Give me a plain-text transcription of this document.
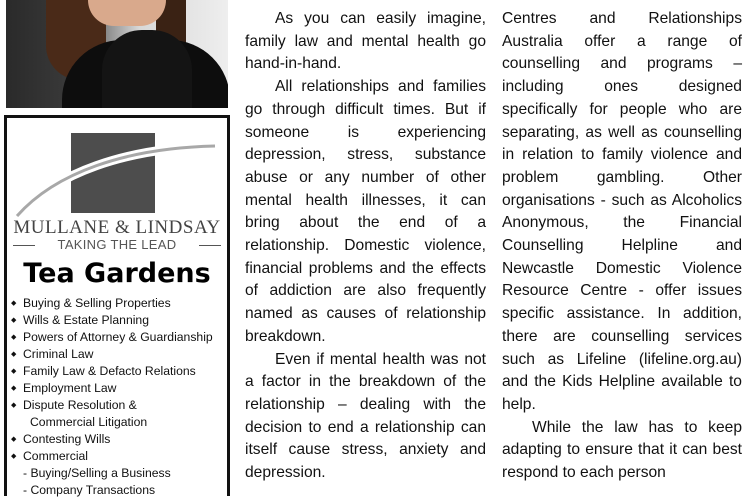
MULLANE & LINDSAY
TAKING THE LEAD
Tea Gardens
◆ Buying & Selling Properties
◆ Wills & Estate Planning
◆ Powers of Attorney & Guardianship
◆ Criminal Law
◆ Family Law & Defacto Relations
◆ Employment Law
◆ Dispute Resolution &
Commercial Litigation
◆ Contesting Wills
◆ Commercial
- Buying/Selling a Business
- Company Transactions

As you can easily imagine, family law and mental health go hand-in-hand.

All relationships and families go through difficult times. But if someone is experiencing depression, stress, substance abuse or any number of other mental health illnesses, it can bring about the end of a relationship. Domestic violence, financial problems and the effects of addiction are also frequently named as causes of relationship breakdown.

Even if mental health was not a factor in the breakdown of the relationship – dealing with the decision to end a relationship can itself cause stress, anxiety and depression.

Centres and Relationships Australia offer a range of counselling and programs – including ones designed specifically for people who are separating, as well as counselling in relation to family violence and problem gambling. Other organisations - such as Alcoholics Anonymous, the Financial Counselling Helpline and Newcastle Domestic Violence Resource Centre - offer issues specific assistance. In addition, there are counselling services such as Lifeline (lifeline.org.au) and the Kids Helpline available to help.

While the law has to keep adapting to ensure that it can best respond to each person
